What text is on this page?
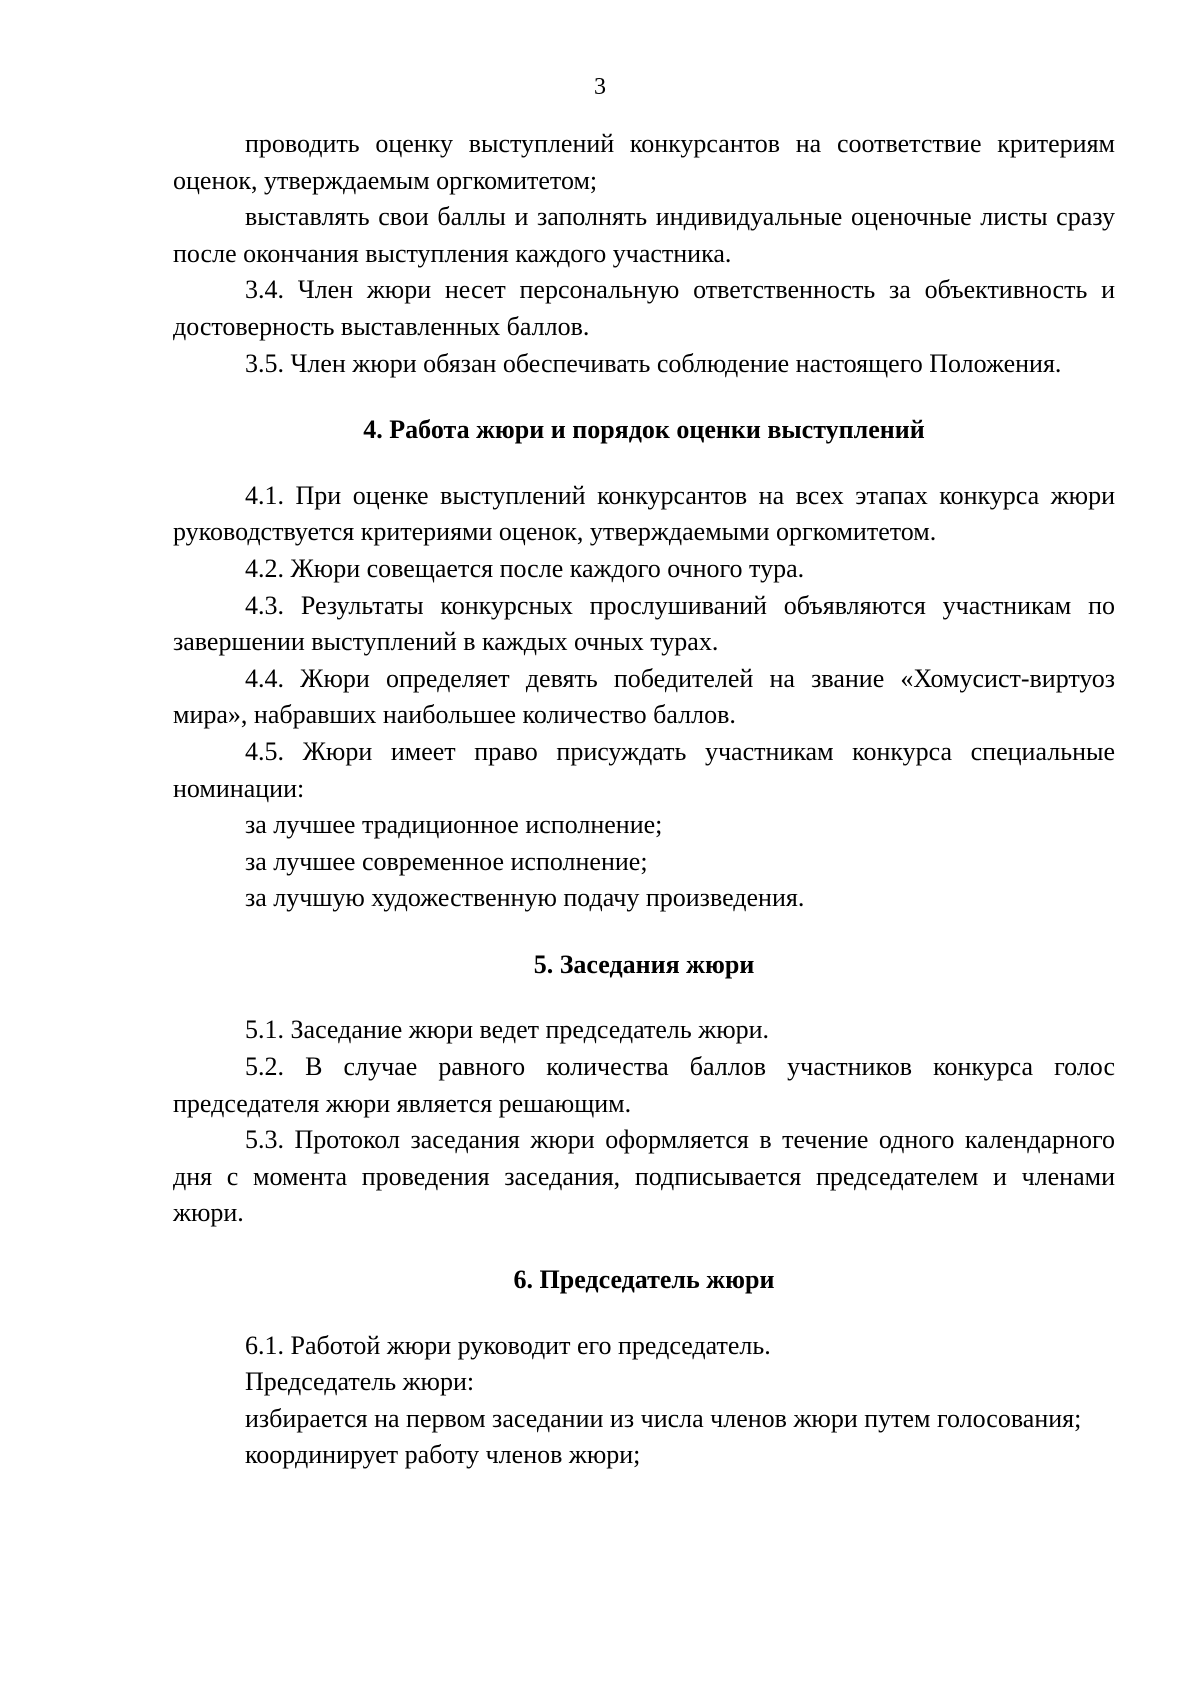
3

проводить оценку выступлений конкурсантов на соответствие критериям оценок, утверждаемым оргкомитетом;

выставлять свои баллы и заполнять индивидуальные оценочные листы сразу после окончания выступления каждого участника.

3.4. Член жюри несет персональную ответственность за объективность и достоверность выставленных баллов.

3.5. Член жюри обязан обеспечивать соблюдение настоящего Положения.

4. Работа жюри и порядок оценки выступлений

4.1. При оценке выступлений конкурсантов на всех этапах конкурса жюри руководствуется критериями оценок, утверждаемыми оргкомитетом.

4.2. Жюри совещается после каждого очного тура.

4.3. Результаты конкурсных прослушиваний объявляются участникам по завершении выступлений в каждых очных турах.

4.4. Жюри определяет девять победителей на звание «Хомусист-виртуоз мира», набравших наибольшее количество баллов.

4.5. Жюри имеет право присуждать участникам конкурса специальные номинации:

за лучшее традиционное исполнение;

за лучшее современное исполнение;

за лучшую художественную подачу произведения.

5. Заседания жюри

5.1. Заседание жюри ведет председатель жюри.

5.2. В случае равного количества баллов участников конкурса голос председателя жюри является решающим.

5.3. Протокол заседания жюри оформляется в течение одного календарного дня с момента проведения заседания, подписывается председателем и членами жюри.

6. Председатель жюри

6.1. Работой жюри руководит его председатель.

Председатель жюри:

избирается на первом заседании из числа членов жюри путем голосования;

координирует работу членов жюри;
